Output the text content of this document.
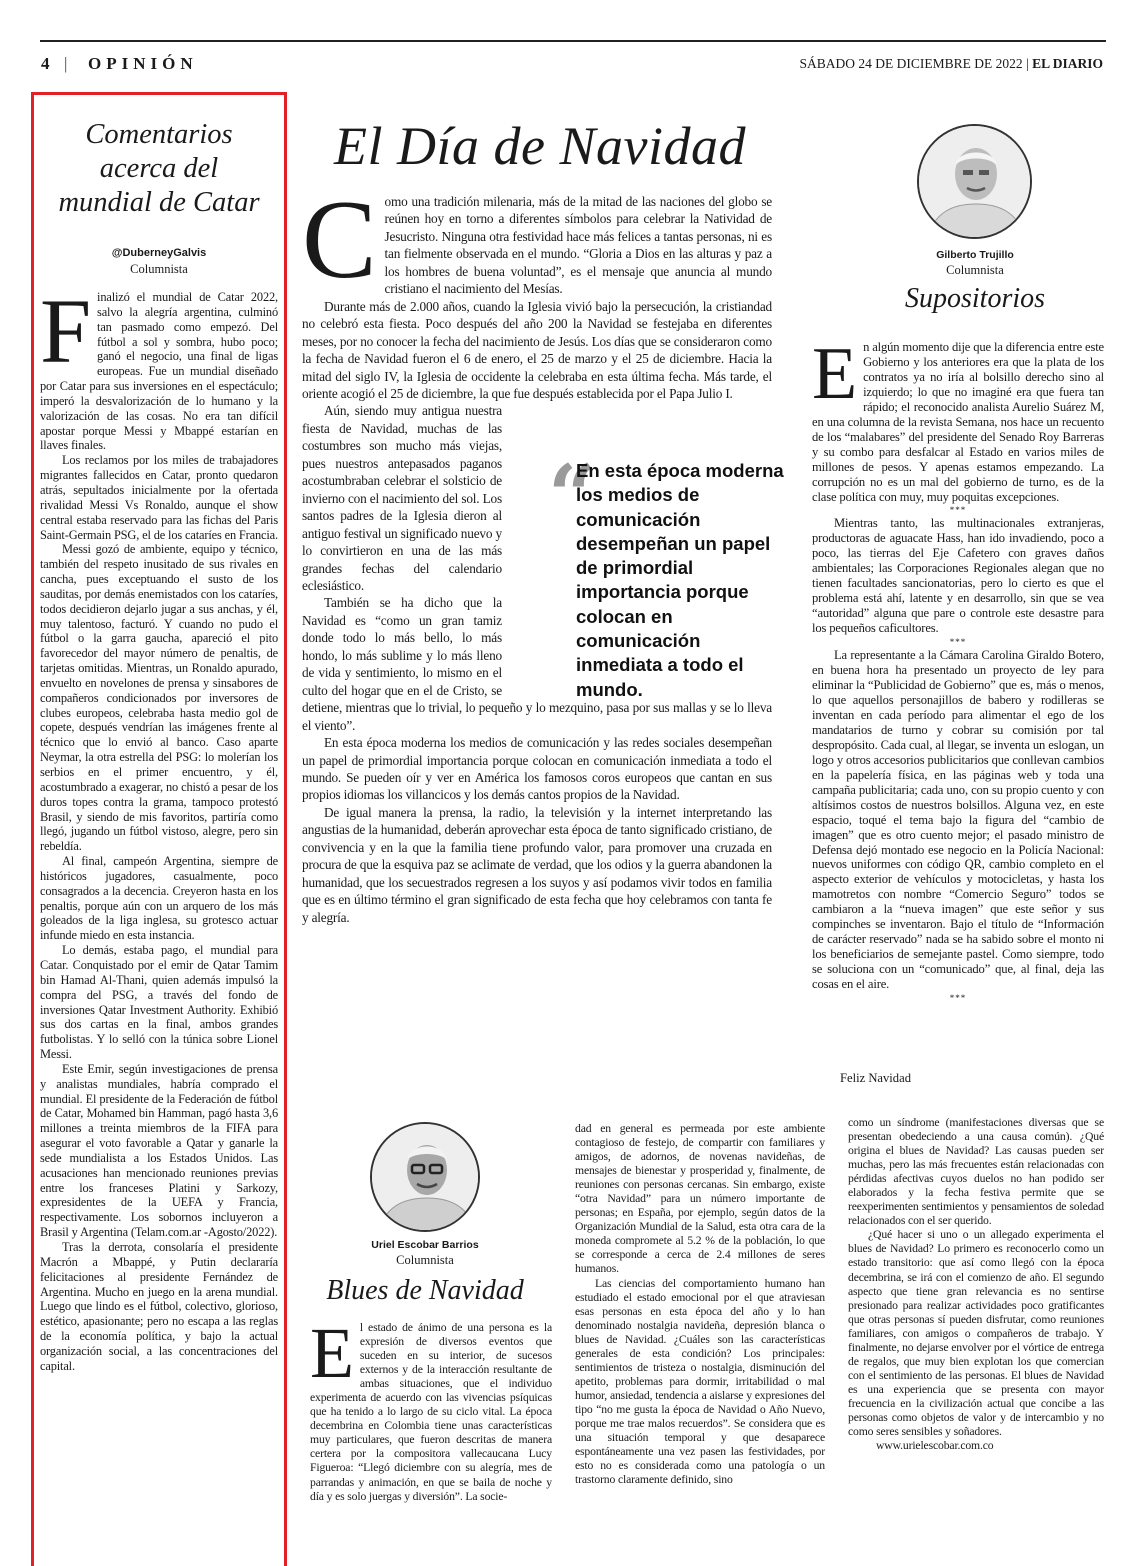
4 | OPINIÓN	SÁBADO 24 DE DICIEMBRE DE 2022 | EL DIARIO
Comentarios
acerca del
mundial de Catar
@DuberneyGalvis
Columnista

Finalizó el mundial de Catar 2022, salvo la alegría argentina, culminó tan pasmado como empezó. Del fútbol a sol y sombra, hubo poco; ganó el negocio, una final de ligas europeas. Fue un mundial diseñado por Catar para sus inversiones en el espectáculo; imperó la desvalorización de lo humano y la valorización de las cosas. No era tan difícil apostar porque Messi y Mbappé estarían en llaves finales.

Los reclamos por los miles de trabajadores migrantes fallecidos en Catar, pronto quedaron atrás, sepultados inicialmente por la ofertada rivalidad Messi Vs Ronaldo, aunque el show central estaba reservado para las fichas del Paris Saint-Germain PSG, el de los cataríes en Francia.

Messi gozó de ambiente, equipo y técnico, también del respeto inusitado de sus rivales en cancha, pues exceptuando el susto de los sauditas, por demás enemistados con los cataríes, todos decidieron dejarlo jugar a sus anchas, y él, muy talentoso, facturó. Y cuando no pudo el fútbol o la garra gaucha, apareció el pito favorecedor del mayor número de penaltis, de tarjetas omitidas. Mientras, un Ronaldo apurado, envuelto en novelones de prensa y sinsabores de compañeros condicionados por inversores de clubes europeos, celebraba hasta medio gol de copete, después vendrían las imágenes frente al técnico que lo envió al banco. Caso aparte Neymar, la otra estrella del PSG: lo molerían los serbios en el primer encuentro, y él, acostumbrado a exagerar, no chistó a pesar de los duros topes contra la grama, tampoco protestó Brasil, y siendo de mis favoritos, partiría como llegó, jugando un fútbol vistoso, alegre, pero sin rebeldía.

Al final, campeón Argentina, siempre de históricos jugadores, casualmente, poco consagrados a la decencia. Creyeron hasta en los penaltis, porque aún con un arquero de los más goleados de la liga inglesa, su grotesco actuar infunde miedo en esta instancia.

Lo demás, estaba pago, el mundial para Catar. Conquistado por el emir de Qatar Tamim bin Hamad Al-Thani, quien además impulsó la compra del PSG, a través del fondo de inversiones Qatar Investment Authority. Exhibió sus dos cartas en la final, ambos grandes futbolistas. Y lo selló con la túnica sobre Lionel Messi.

Este Emir, según investigaciones de prensa y analistas mundiales, habría comprado el mundial. El presidente de la Federación de fútbol de Catar, Mohamed bin Hamman, pagó hasta 3,6 millones a treinta miembros de la FIFA para asegurar el voto favorable a Qatar y ganarle la sede mundialista a los Estados Unidos. Las acusaciones han mencionado reuniones previas entre los franceses Platini y Sarkozy, expresidentes de la UEFA y Francia, respectivamente. Los sobornos incluyeron a Brasil y Argentina (Telam.com.ar -Agosto/2022).

Tras la derrota, consolaría el presidente Macrón a Mbappé, y Putin declararía felicitaciones al presidente Fernández de Argentina. Mucho en juego en la arena mundial. Luego que lindo es el fútbol, colectivo, glorioso, estético, apasionante; pero no escapa a las reglas de la economía política, y bajo la actual organización social, a las concentraciones del capital.

El Día de Navidad

Como una tradición milenaria, más de la mitad de las naciones del globo se reúnen hoy en torno a diferentes símbolos para celebrar la Natividad de Jesucristo. Ninguna otra festividad hace más felices a tantas personas, ni es tan fielmente observada en el mundo. “Gloria a Dios en las alturas y paz a los hombres de buena voluntad”, es el mensaje que anuncia al mundo cristiano el nacimiento del Mesías.

Durante más de 2.000 años, cuando la Iglesia vivió bajo la persecución, la cristiandad no celebró esta fiesta. Poco después del año 200 la Navidad se festejaba en diferentes meses, por no conocer la fecha del nacimiento de Jesús. Los días que se consideraron como la fecha de Navidad fueron el 6 de enero, el 25 de marzo y el 25 de diciembre. Hacia la mitad del siglo IV, la Iglesia de occidente la celebraba en esta última fecha. Más tarde, el oriente acogió el 25 de diciembre, la que fue después establecida por el Papa Julio I.

Aún, siendo muy antigua nuestra fiesta de Navidad, muchas de las costumbres son mucho más viejas, pues nuestros antepasados paganos acostumbraban celebrar el solsticio de invierno con el nacimiento del sol. Los santos padres de la Iglesia dieron al antiguo festival un significado nuevo y lo convirtieron en una de las más grandes fechas del calendario eclesiástico.

También se ha dicho que la Navidad es “como un gran tamiz donde todo lo más bello, lo más hondo, lo más sublime y lo más lleno de vida y sentimiento, lo mismo en el culto del hogar que en el de Cristo, se detiene, mientras que lo trivial, lo pequeño y lo mezquino, pasa por sus mallas y se lo lleva el viento”.

En esta época moderna los medios de comunicación y las redes sociales desempeñan un papel de primordial importancia porque colocan en comunicación inmediata a todo el mundo. Se pueden oír y ver en América los famosos coros europeos que cantan en sus propios idiomas los villancicos y los demás cantos propios de la Navidad.

De igual manera la prensa, la radio, la televisión y la internet interpretando las angustias de la humanidad, deberán aprovechar esta época de tanto significado cristiano, de convivencia y en la que la familia tiene profundo valor, para promover una cruzada en procura de que la esquiva paz se aclimate de verdad, que los odios y la guerra abandonen la humanidad, que los secuestrados regresen a los suyos y así podamos vivir todos en familia que es en último término el gran significado de esta fecha que hoy celebramos con tanta fe y alegría.

“
En esta época moderna los medios de comunicación desempeñan un papel de primordial importancia porque colocan en comunicación inmediata a todo el mundo.
Gilberto Trujillo
Columnista
Supositorios

En algún momento dije que la diferencia entre este Gobierno y los anteriores era que la plata de los contratos ya no iría al bolsillo derecho sino al izquierdo; lo que no imaginé era que fuera tan rápido; el reconocido analista Aurelio Suárez M, en una columna de la revista Semana, nos hace un recuento de los “malabares” del presidente del Senado Roy Barreras y su combo para desfalcar al Estado en varios miles de millones de pesos. Y apenas estamos empezando. La corrupción no es un mal del gobierno de turno, es de la clase política con muy, muy poquitas excepciones.

***

Mientras tanto, las multinacionales extranjeras, productoras de aguacate Hass, han ido invadiendo, poco a poco, las tierras del Eje Cafetero con graves daños ambientales; las Corporaciones Regionales alegan que no tienen facultades sancionatorias, pero lo cierto es que el problema está ahí, latente y en desarrollo, sin que se vea “autoridad” alguna que pare o controle este desastre para los pequeños caficultores.

***

La representante a la Cámara Carolina Giraldo Botero, en buena hora ha presentado un proyecto de ley para eliminar la “Publicidad de Gobierno” que es, más o menos, lo que aquellos personajillos de babero y rodilleras se inventan en cada período para alimentar el ego de los mandatarios de turno y cobrar su comisión por tal despropósito. Cada cual, al llegar, se inventa un eslogan, un logo y otros accesorios publicitarios que conllevan cambios en la papelería física, en las páginas web y toda una campaña publicitaria; cada uno, con su propio cuento y con altísimos costos de nuestros bolsillos. Alguna vez, en este espacio, toqué el tema bajo la figura del “cambio de imagen” que es otro cuento mejor; el pasado ministro de Defensa dejó montado ese negocio en la Policía Nacional: nuevos uniformes con código QR, cambio completo en el aspecto exterior de vehículos y motocicletas, y hasta los mamotretos con nombre “Comercio Seguro” todos se cambiaron a la “nueva imagen” que este señor y sus compinches se inventaron. Bajo el título de “Información de carácter reservado” nada se ha sabido sobre el monto ni los beneficiarios de semejante pastel. Como siempre, todo se soluciona con un “comunicado” que, al final, deja las cosas en el aire.

***

Feliz Navidad
Uriel Escobar Barrios
Columnista
Blues de Navidad

El estado de ánimo de una persona es la expresión de diversos eventos que suceden en su interior, de sucesos externos y de la interacción resultante de ambas situaciones, que el individuo experimenta de acuerdo con las vivencias psíquicas que ha tenido a lo largo de su ciclo vital. La época decembrina en Colombia tiene unas características muy particulares, que fueron descritas de manera certera por la compositora vallecaucana Lucy Figueroa: “Llegó diciembre con su alegría, mes de parrandas y animación, en que se baila de noche y día y es solo juergas y diversión”. La socie-

dad en general es permeada por este ambiente contagioso de festejo, de compartir con familiares y amigos, de adornos, de novenas navideñas, de mensajes de bienestar y prosperidad y, finalmente, de reuniones con personas cercanas. Sin embargo, existe “otra Navidad” para un número importante de personas; en España, por ejemplo, según datos de la Organización Mundial de la Salud, esta otra cara de la moneda compromete al 5.2 % de la población, lo que se corresponde a cerca de 2.4 millones de seres humanos.

Las ciencias del comportamiento humano han estudiado el estado emocional por el que atraviesan esas personas en esta época del año y lo han denominado nostalgia navideña, depresión blanca o blues de Navidad. ¿Cuáles son las características generales de esta condición? Los principales: sentimientos de tristeza o nostalgia, disminución del apetito, problemas para dormir, irritabilidad o mal humor, ansiedad, tendencia a aislarse y expresiones del tipo “no me gusta la época de Navidad o Año Nuevo, porque me trae malos recuerdos”. Se considera que es una situación temporal y que desaparece espontáneamente una vez pasen las festividades, por esto no es considerada como una patología o un trastorno claramente definido, sino

como un síndrome (manifestaciones diversas que se presentan obedeciendo a una causa común). ¿Qué origina el blues de Navidad? Las causas pueden ser muchas, pero las más frecuentes están relacionadas con pérdidas afectivas cuyos duelos no han podido ser elaborados y la fecha festiva permite que se reexperimenten sentimientos y pensamientos de soledad relacionados con el ser querido.

¿Qué hacer si uno o un allegado experimenta el blues de Navidad? Lo primero es reconocerlo como un estado transitorio: que así como llegó con la época decembrina, se irá con el comienzo de año. El segundo aspecto que tiene gran relevancia es no sentirse presionado para realizar actividades poco gratificantes que otras personas sí pueden disfrutar, como reuniones familiares, con amigos o compañeros de trabajo. Y finalmente, no dejarse envolver por el vórtice de entrega de regalos, que muy bien explotan los que comercian con el sentimiento de las personas. El blues de Navidad es una experiencia que se presenta con mayor frecuencia en la civilización actual que concibe a las personas como objetos de valor y de intercambio y no como seres sensibles y soñadores.

www.urielescobar.com.co
